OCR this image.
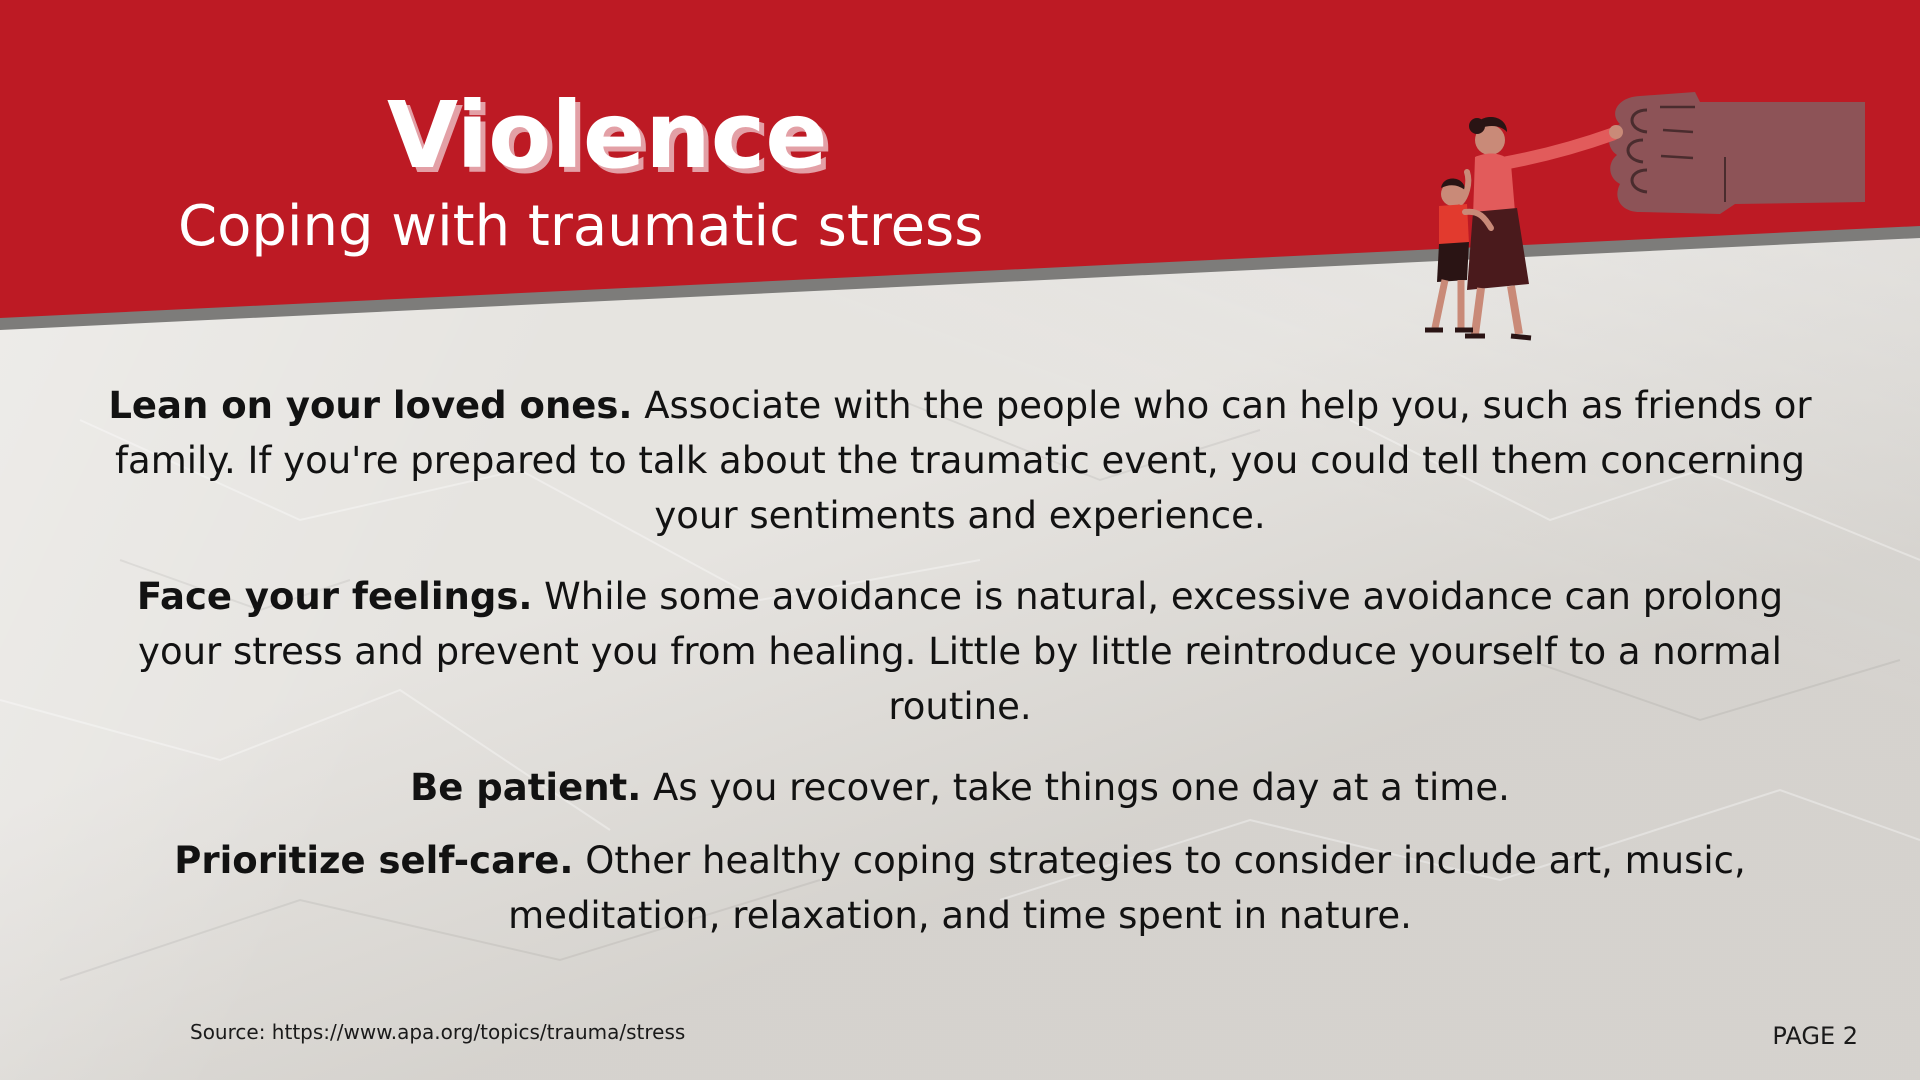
Violence
Coping with traumatic stress

Lean on your loved ones. Associate with the people who can help you, such as friends or family. If you're prepared to talk about the traumatic event, you could tell them concerning your sentiments and experience.

Face your feelings. While some avoidance is natural, excessive avoidance can prolong your stress and prevent you from healing. Little by little reintroduce yourself to a normal routine.

Be patient. As you recover, take things one day at a time.

Prioritize self-care. Other healthy coping strategies to consider include art, music, meditation, relaxation, and time spent in nature.

Source: https://www.apa.org/topics/trauma/stress	PAGE 2
